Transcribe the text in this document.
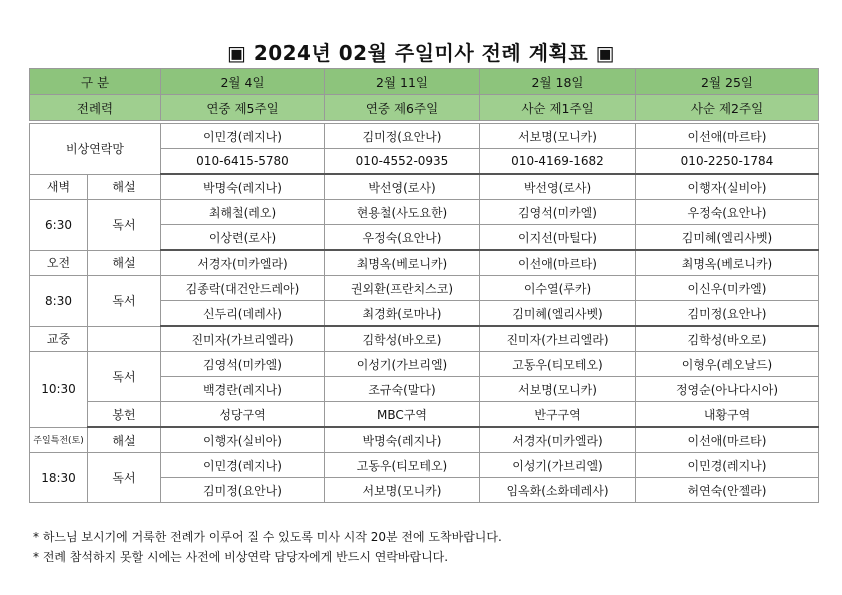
▣ 2024년 02월 주일미사 전례 계획표 ▣
구 분		2월 4일	2월 11일	2월 18일	2월 25일
전례력		연중 제5주일	연중 제6주일	사순 제1주일	사순 제2주일

비상연락망		이민경(레지나)	김미정(요안나)	서보명(모니카)	이선애(마르타)
		010-6415-5780	010-4552-0935	010-4169-1682	010-2250-1784
새벽	해설	박명숙(레지나)	박선영(로사)	박선영(로사)	이행자(실비아)
6:30	독서	최해철(레오)	현용철(사도요한)	김영석(미카엘)	우정숙(요안나)
		이상련(로사)	우정숙(요안나)	이지선(마틸다)	김미혜(엘리사벳)
오전	해설	서경자(미카엘라)	최명옥(베로니카)	이선애(마르타)	최명옥(베로니카)
8:30	독서	김종락(대건안드레아)	권외환(프란치스코)	이수열(루카)	이신우(미카엘)
		신두리(데레사)	최경화(로마나)	김미혜(엘리사벳)	김미정(요안나)
교중		진미자(가브리엘라)	김학성(바오로)	진미자(가브리엘라)	김학성(바오로)
10:30	독서	김영석(미카엘)	이성기(가브리엘)	고동우(티모테오)	이형우(레오날드)
		백경란(레지나)	조규숙(말다)	서보명(모니카)	정영순(아나다시아)
	봉헌	성당구역	MBC구역	반구구역	내황구역
주일특전(토)	해설	이행자(실비아)	박명숙(레지나)	서경자(미카엘라)	이선애(마르타)
18:30	독서	이민경(레지나)	고동우(티모테오)	이성기(가브리엘)	이민경(레지나)
		김미정(요안나)	서보명(모니카)	임옥화(소화데레사)	허연숙(안젤라)
* 하느님 보시기에 거룩한 전례가 이루어 질 수 있도록 미사 시작 20분 전에 도착바랍니다.
* 전례 참석하지 못할 시에는 사전에 비상연락 담당자에게 반드시 연락바랍니다.
